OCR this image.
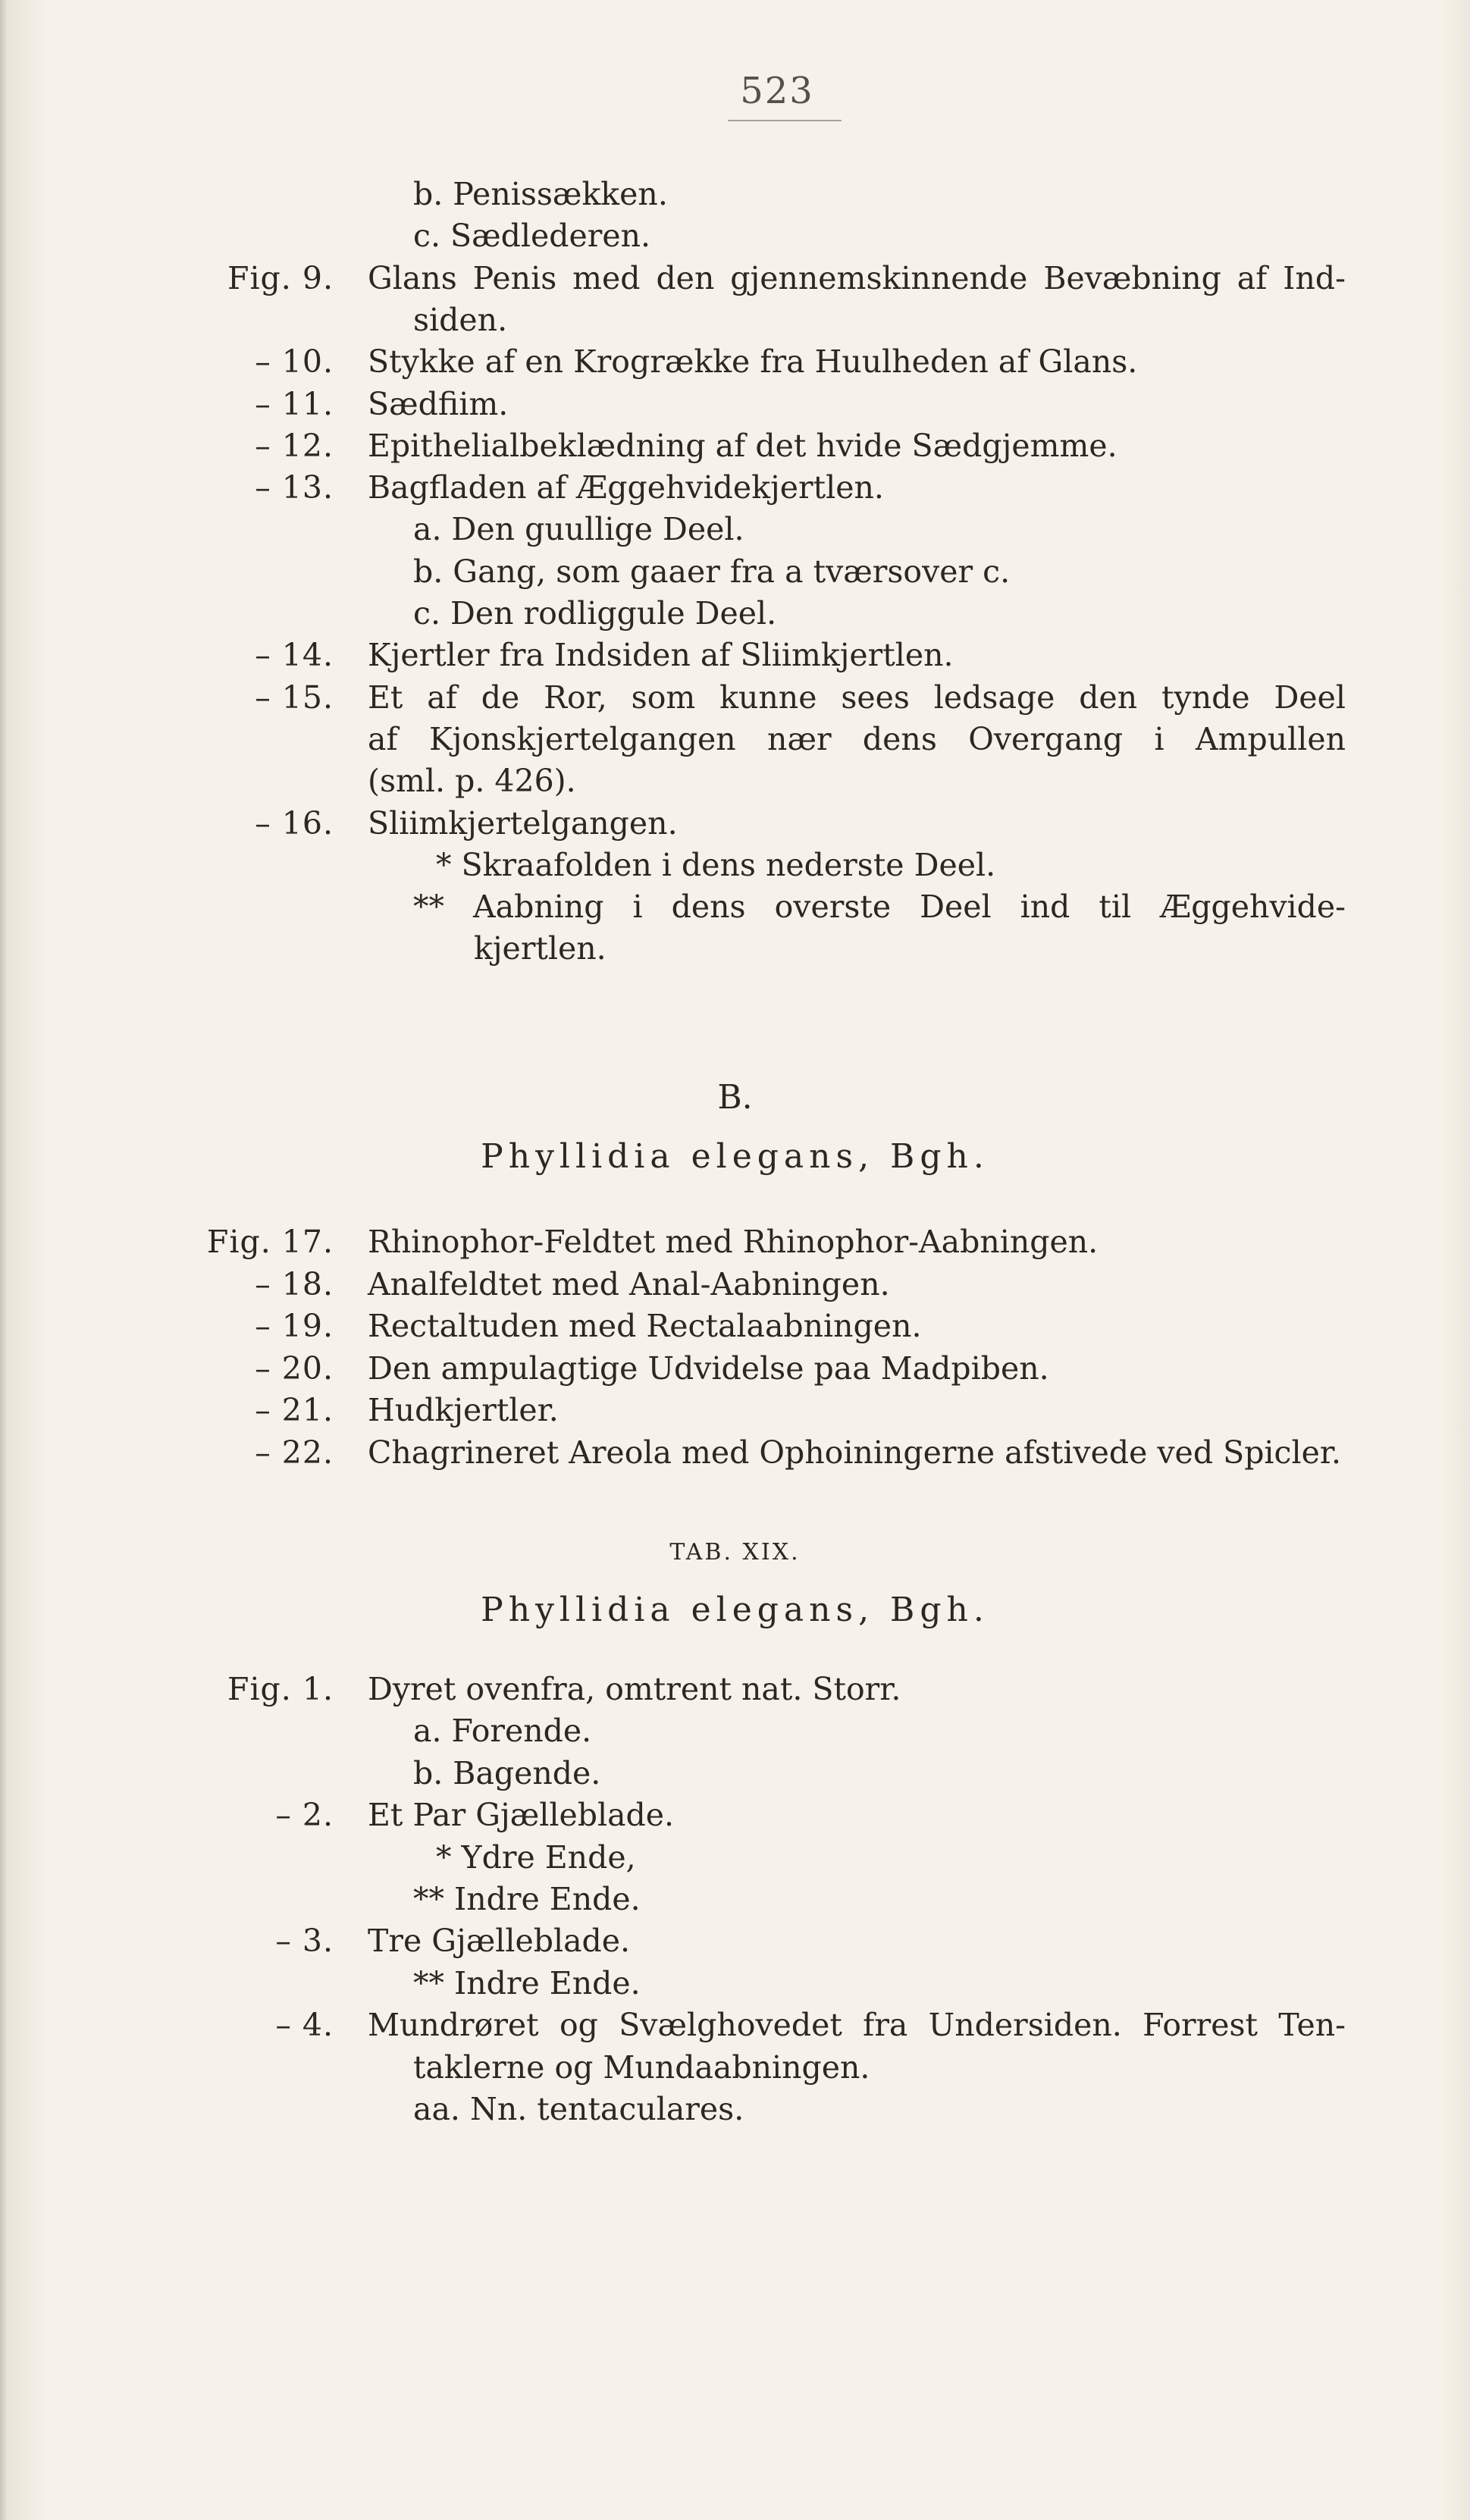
523
b. Penissækken.
c. Sædlederen.
Fig. 9. Glans Penis med den gjennemskinnende Bevæbning af Ind-
siden.
– 10. Stykke af en Krogrække fra Huulheden af Glans.
– 11. Sædfiim.
– 12. Epithelialbeklædning af det hvide Sædgjemme.
– 13. Bagfladen af Æggehvidekjertlen.
a. Den guullige Deel.
b. Gang, som gaaer fra a tværsover c.
c. Den rodliggule Deel.
– 14. Kjertler fra Indsiden af Sliimkjertlen.
– 15. Et af de Ror, som kunne sees ledsage den tynde Deel
af Kjonskjertelgangen nær dens Overgang i Ampullen
(sml. p. 426).
– 16. Sliimkjertelgangen.
* Skraafolden i dens nederste Deel.
** Aabning i dens overste Deel ind til Æggehvide-
kjertlen.
B.
Phyllidia elegans, Bgh.
Fig. 17. Rhinophor-Feldtet med Rhinophor-Aabningen.
– 18. Analfeldtet med Anal-Aabningen.
– 19. Rectaltuden med Rectalaabningen.
– 20. Den ampulagtige Udvidelse paa Madpiben.
– 21. Hudkjertler.
– 22. Chagrineret Areola med Ophoiningerne afstivede ved Spicler.
TAB. XIX.
Phyllidia elegans, Bgh.
Fig. 1. Dyret ovenfra, omtrent nat. Storr.
a. Forende.
b. Bagende.
– 2. Et Par Gjælleblade.
* Ydre Ende,
** Indre Ende.
– 3. Tre Gjælleblade.
** Indre Ende.
– 4. Mundrøret og Svælghovedet fra Undersiden. Forrest Ten-
taklerne og Mundaabningen.
aa. Nn. tentaculares.
